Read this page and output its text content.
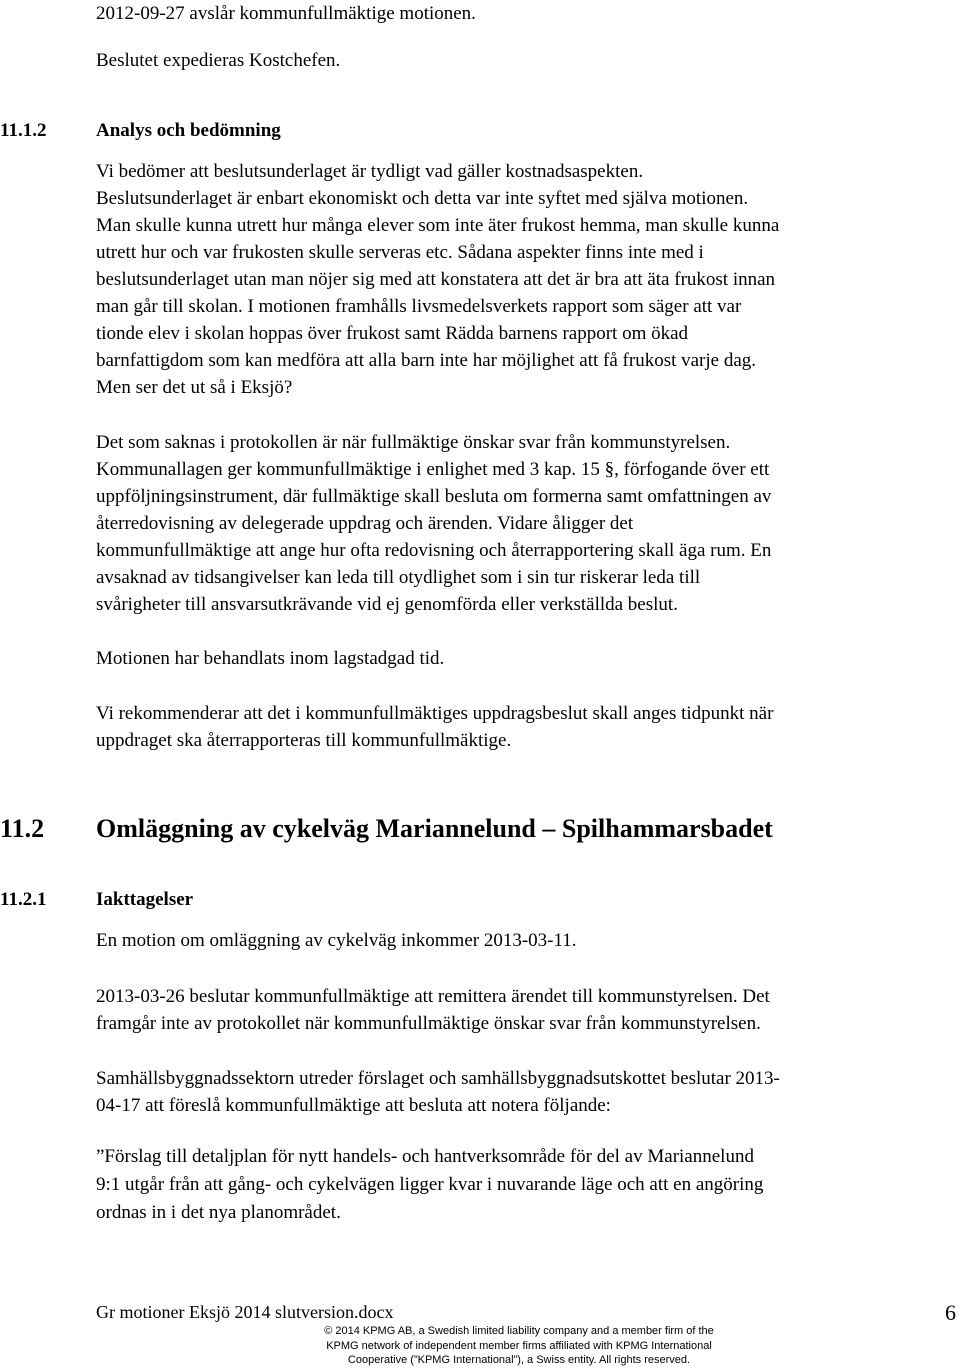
2012-09-27 avslår kommunfullmäktige motionen.
Beslutet expedieras Kostchefen.
11.1.2	Analys och bedömning
Vi bedömer att beslutsunderlaget är tydligt vad gäller kostnadsaspekten.
Beslutsunderlaget är enbart ekonomiskt och detta var inte syftet med själva motionen.
Man skulle kunna utrett hur många elever som inte äter frukost hemma, man skulle kunna
utrett hur och var frukosten skulle serveras etc. Sådana aspekter finns inte med i
beslutsunderlaget utan man nöjer sig med att konstatera att det är bra att äta frukost innan
man går till skolan. I motionen framhålls livsmedelsverkets rapport som säger att var
tionde elev i skolan hoppas över frukost samt Rädda barnens rapport om ökad
barnfattigdom som kan medföra att alla barn inte har möjlighet att få frukost varje dag.
Men ser det ut så i Eksjö?
Det som saknas i protokollen är när fullmäktige önskar svar från kommunstyrelsen.
Kommunallagen ger kommunfullmäktige i enlighet med 3 kap. 15 §, förfogande över ett
uppföljningsinstrument, där fullmäktige skall besluta om formerna samt omfattningen av
återredovisning av delegerade uppdrag och ärenden. Vidare åligger det
kommunfullmäktige att ange hur ofta redovisning och återrapportering skall äga rum. En
avsaknad av tidsangivelser kan leda till otydlighet som i sin tur riskerar leda till
svårigheter till ansvarsutkrävande vid ej genomförda eller verkställda beslut.
Motionen har behandlats inom lagstadgad tid.
Vi rekommenderar att det i kommunfullmäktiges uppdragsbeslut skall anges tidpunkt när
uppdraget ska återrapporteras till kommunfullmäktige.
11.2 Omläggning av cykelväg Mariannelund – Spilhammarsbadet
11.2.1	Iakttagelser
En motion om omläggning av cykelväg inkommer 2013-03-11.
2013-03-26 beslutar kommunfullmäktige att remittera ärendet till kommunstyrelsen. Det
framgår inte av protokollet när kommunfullmäktige önskar svar från kommunstyrelsen.
Samhällsbyggnadssektorn utreder förslaget och samhällsbyggnadsutskottet beslutar 2013-
04-17 att föreslå kommunfullmäktige att besluta att notera följande:
”Förslag till detaljplan för nytt handels- och hantverksområde för del av Mariannelund
9:1 utgår från att gång- och cykelvägen ligger kvar i nuvarande läge och att en angöring
ordnas in i det nya planområdet.
Gr motioner Eksjö 2014 slutversion.docx	6
© 2014 KPMG AB, a Swedish limited liability company and a member firm of the
KPMG network of independent member firms affiliated with KPMG International
Cooperative (”KPMG International”), a Swiss entity. All rights reserved.
